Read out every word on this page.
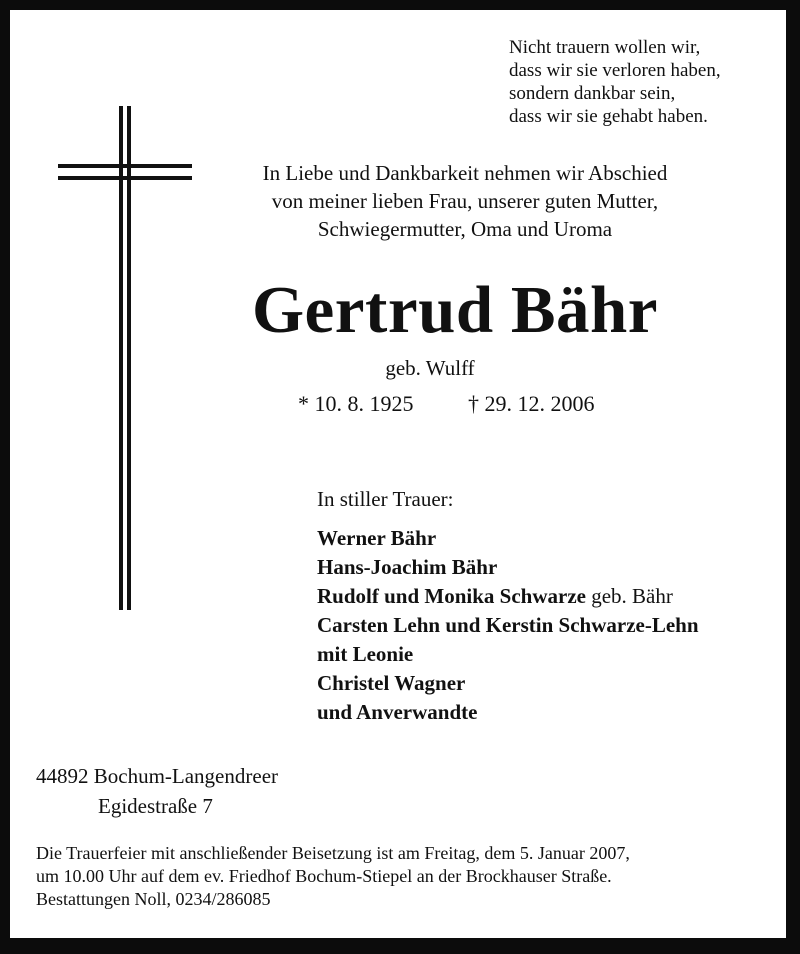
Nicht trauern wollen wir,
dass wir sie verloren haben,
sondern dankbar sein,
dass wir sie gehabt haben.
In Liebe und Dankbarkeit nehmen wir Abschied
von meiner lieben Frau, unserer guten Mutter,
Schwiegermutter, Oma und Uroma
Gertrud Bähr
geb. Wulff
* 10. 8. 1925 † 29. 12. 2006
In stiller Trauer:
Werner Bähr
Hans-Joachim Bähr
Rudolf und Monika Schwarze geb. Bähr
Carsten Lehn und Kerstin Schwarze-Lehn
mit Leonie
Christel Wagner
und Anverwandte
44892 Bochum-Langendreer
Egidestraße 7
Die Trauerfeier mit anschließender Beisetzung ist am Freitag, dem 5. Januar 2007,
um 10.00 Uhr auf dem ev. Friedhof Bochum-Stiepel an der Brockhauser Straße.
Bestattungen Noll, 0234/286085
